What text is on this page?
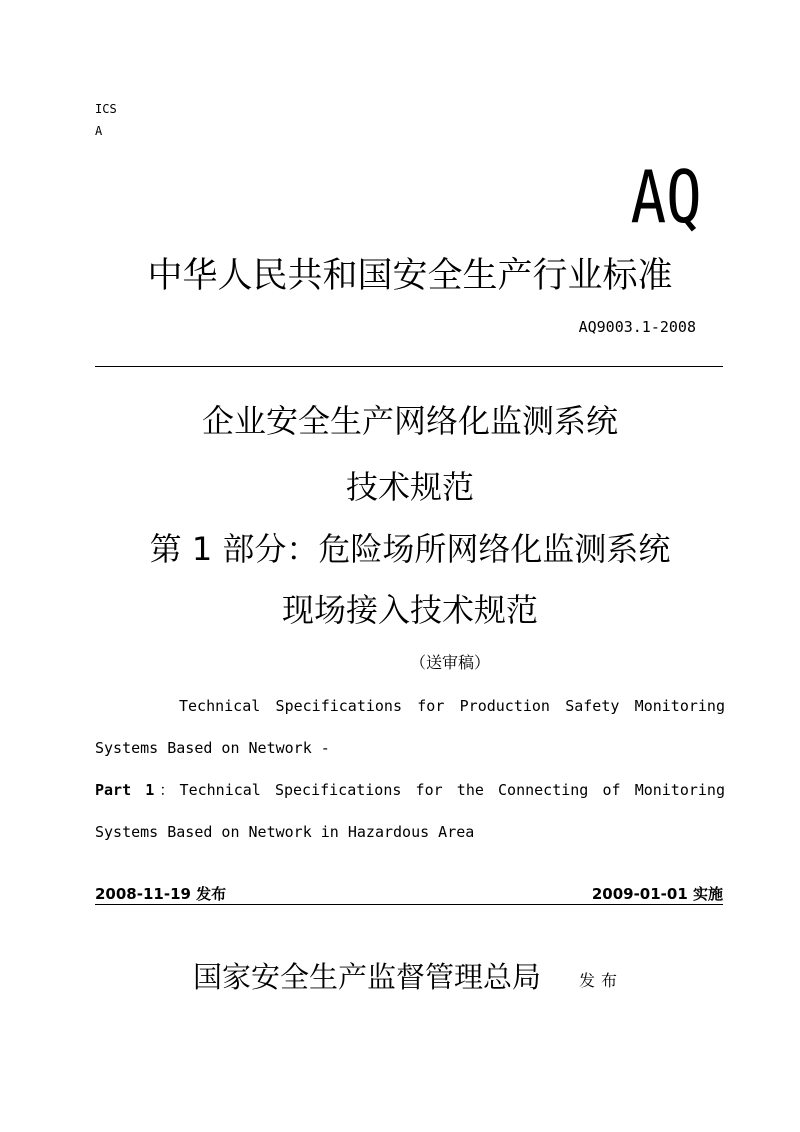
ICS
A
AQ
中华人民共和国安全生产行业标准
AQ9003.1-2008
企业安全生产网络化监测系统
技术规范
第 1 部分：危险场所网络化监测系统
现场接入技术规范
（送审稿）
Technical Specifications for Production Safety Monitoring
Systems Based on Network -
Part 1：Technical Specifications for the Connecting of Monitoring
Systems Based on Network in Hazardous Area
2008-11-19 发布	2009-01-01 实施
国家安全生产监督管理总局 发布
